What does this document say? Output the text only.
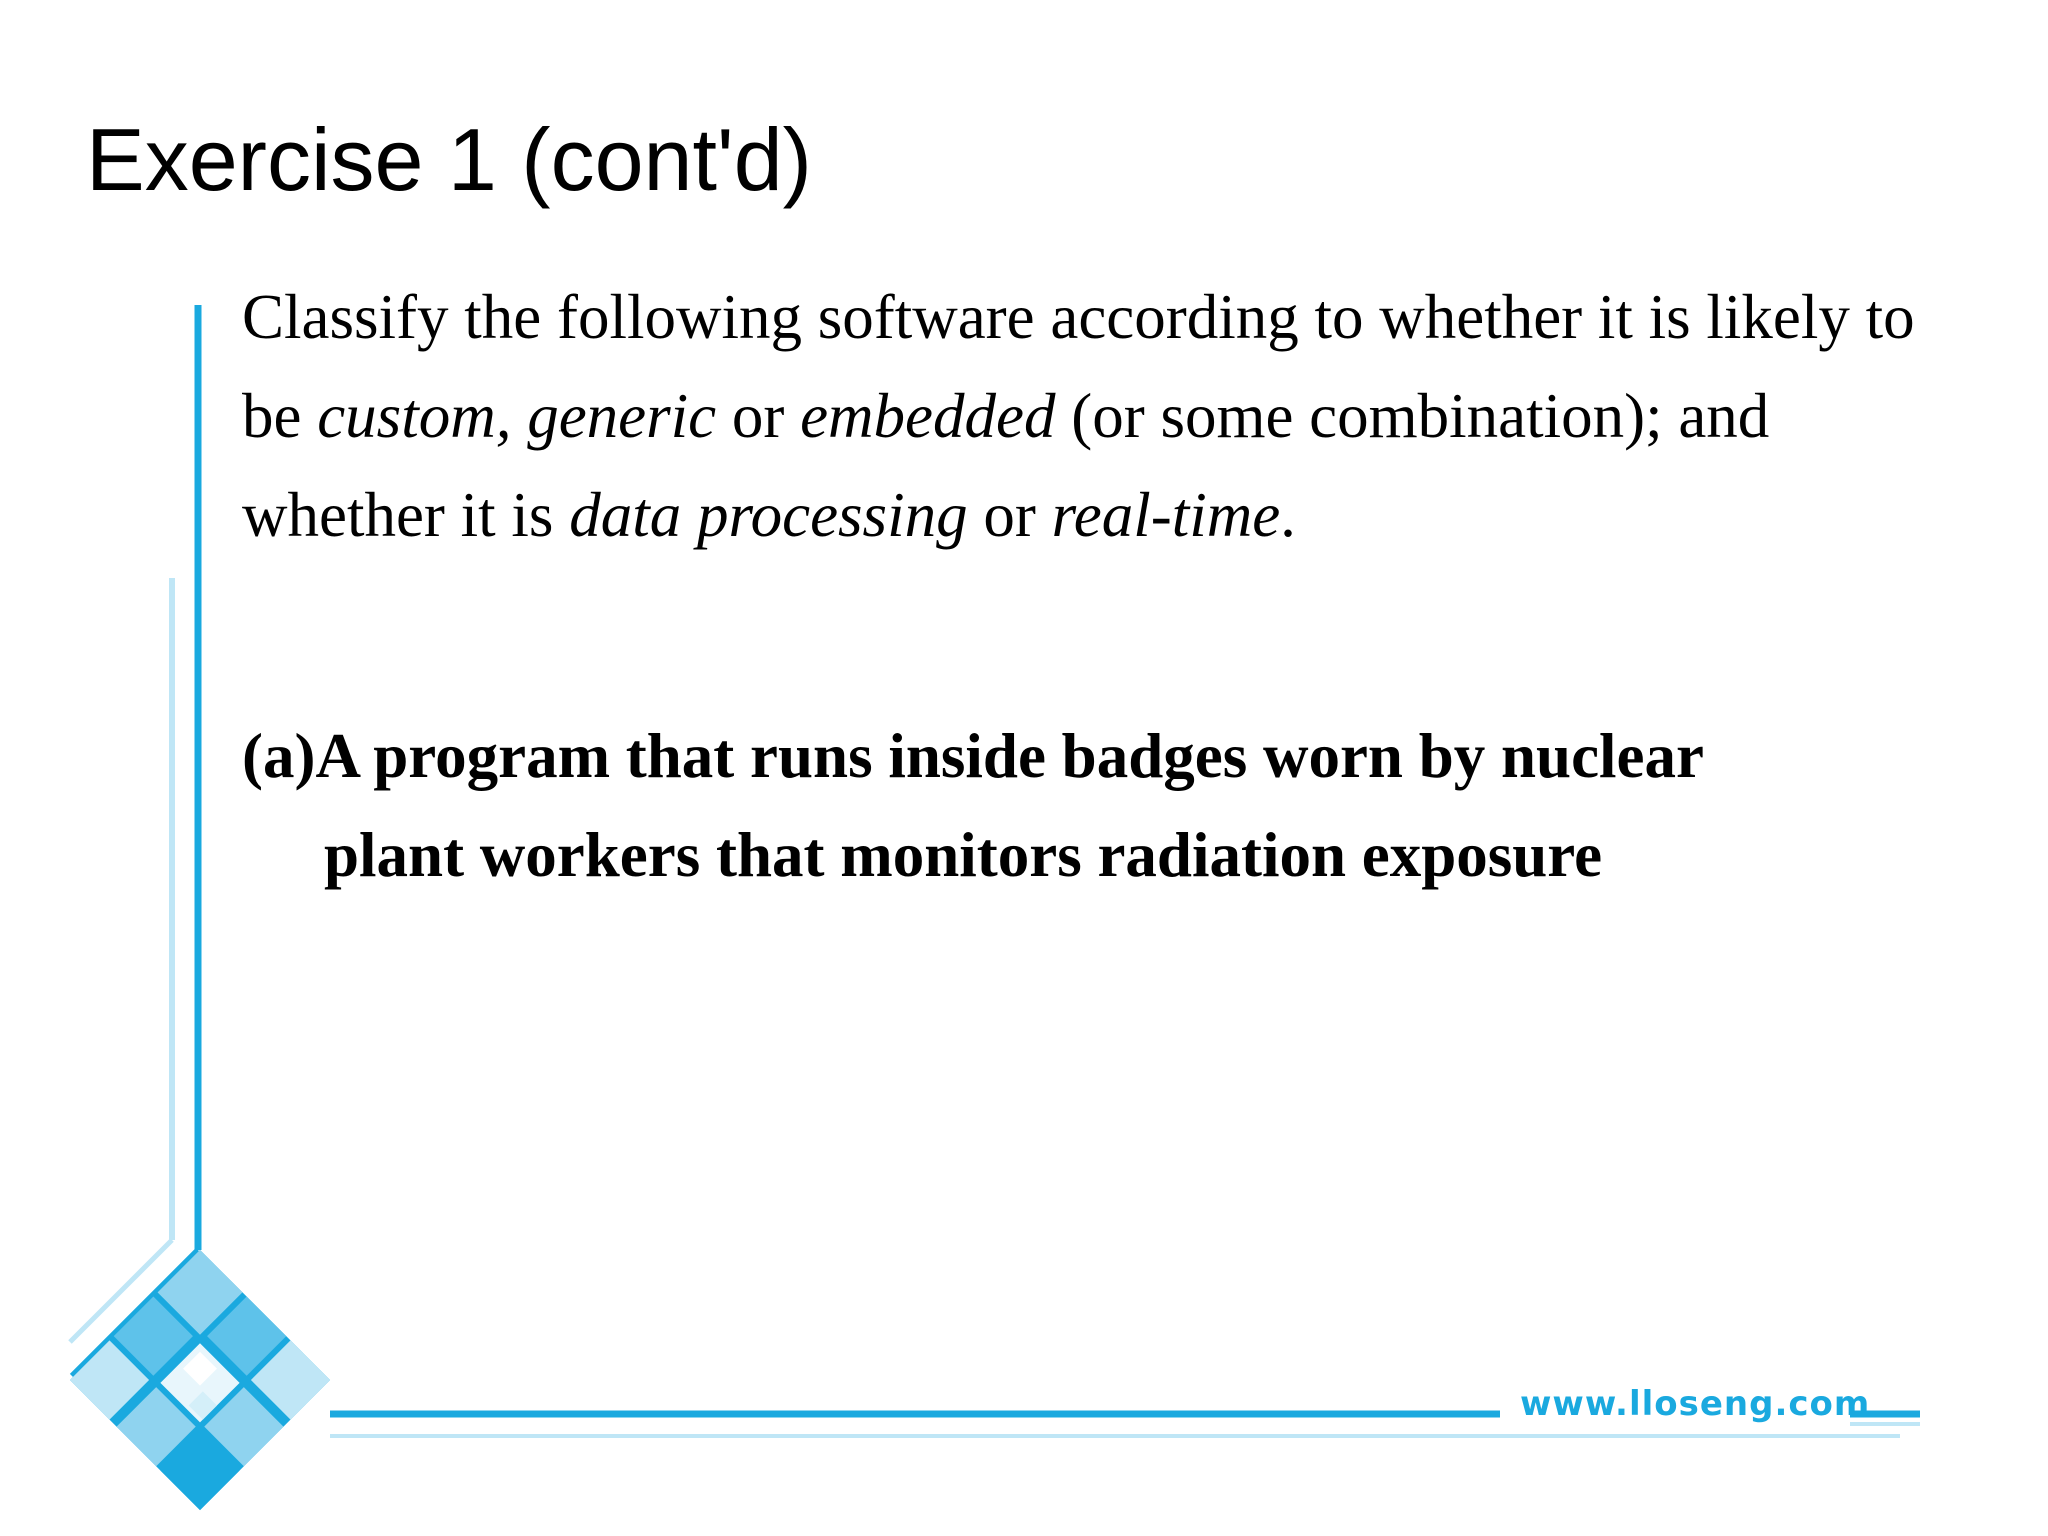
Exercise 1 (cont'd)

Classify the following software according to whether it is likely to be custom, generic or embedded (or some combination); and whether it is data processing or real-time.

(a)A program that runs inside badges worn by nuclear
plant workers that monitors radiation exposure

www.lloseng.com
